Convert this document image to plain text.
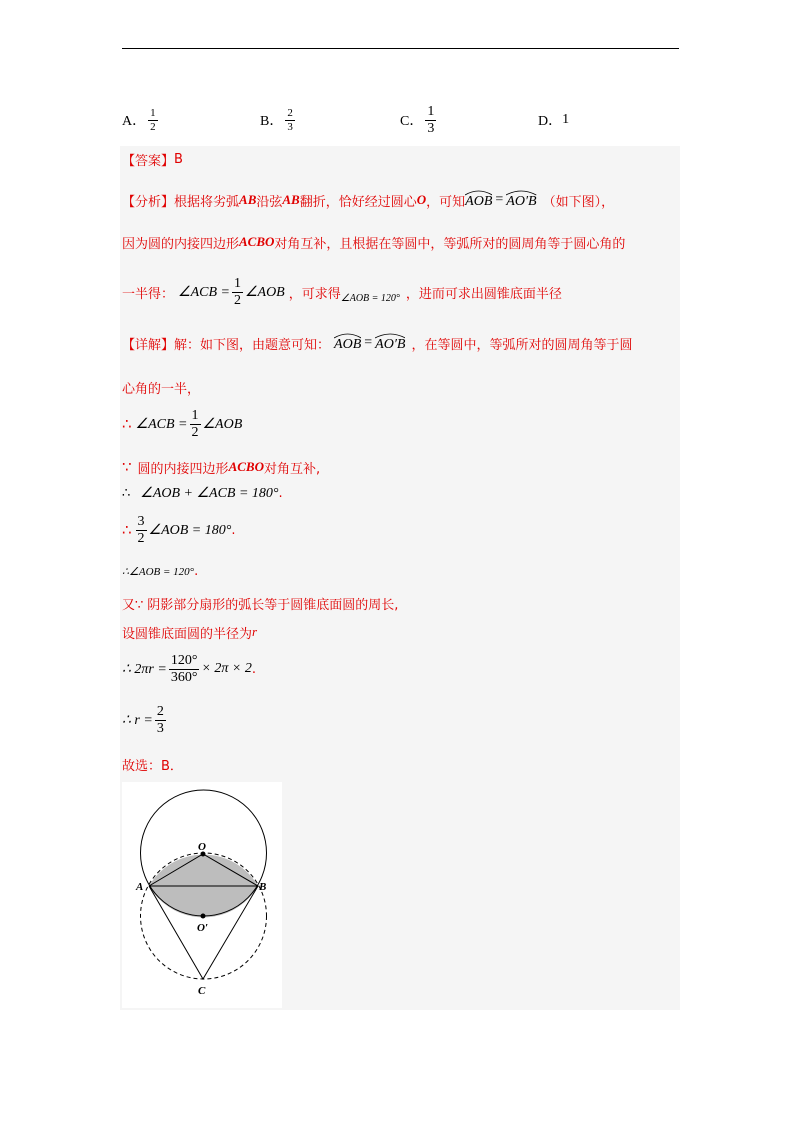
A． $\frac{1}{2}$	B． $\frac{2}{3}$	C． $\frac{1}{3}$	D． 1
【答案】 B
【分析】 根据将劣弧 AB 沿弦 AB 翻折，恰好经过圆心 O ，可知 AOB = AO′B （如下图），
因为圆的内接四边形 ACBO 对角互补，且根据在等圆中，等弧所对的圆周角等于圆心角的
一半得： ∠ACB = $\frac{1}{2}$ ∠AOB ，可求得 ∠AOB = 120° ，进而可求出圆锥底面半径
【详解】 解：如下图，由题意可知： AOB = AO′B ，在等圆中，等弧所对的圆周角等于圆
心角的一半，
∴ ∠ACB = $\frac{1}{2}$ ∠AOB
∵ 圆的内接四边形 ACBO 对角互补,
∴ ∠AOB + ∠ACB = 180° .
∴ $\frac{3}{2}$ ∠AOB = 180° .
∴∠AOB = 120° .
又∵ 阴影部分扇形的弧长等于圆锥底面圆的周长,
设圆锥底面圆的半径为 r
∴ $2\pi r = \frac{120^\circ}{360^\circ} \times 2\pi \times 2$ .
∴ $r = \frac{2}{3}$
故选：B．
O
O′
A	B
C
